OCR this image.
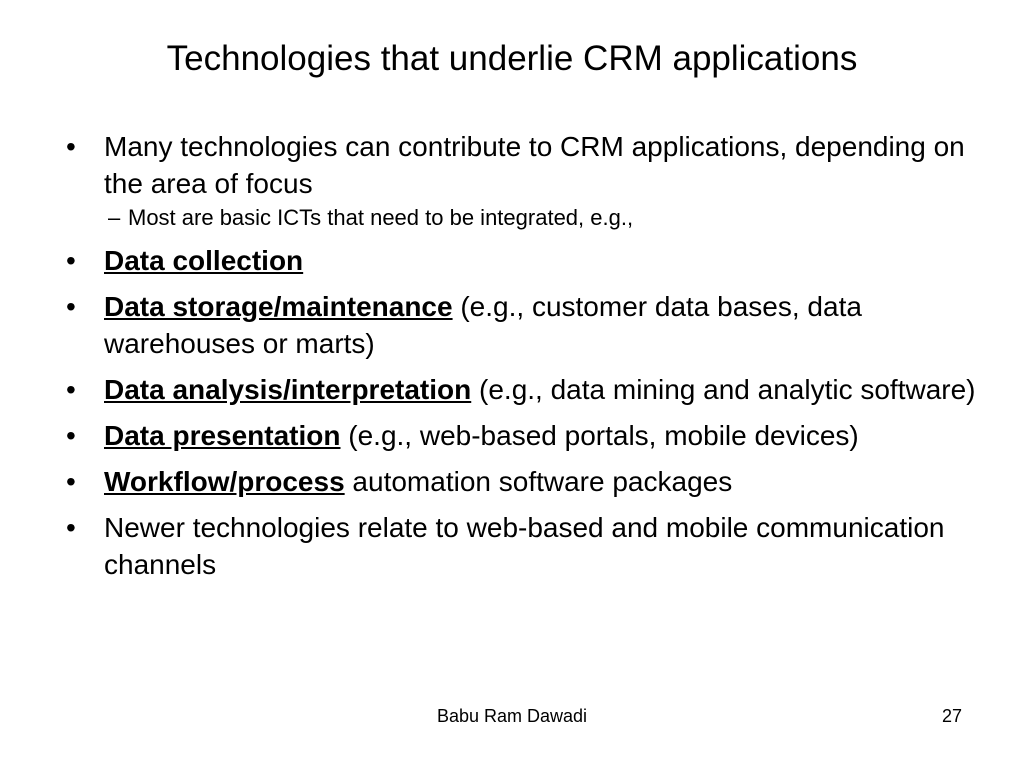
Technologies that underlie CRM applications
•	Many technologies can contribute to CRM applications, depending on the area of focus
– Most are basic ICTs that need to be integrated, e.g.,
•	Data collection
•	Data storage/maintenance (e.g., customer data bases, data warehouses or marts)
•	Data analysis/interpretation (e.g., data mining and analytic software)
•	Data presentation (e.g., web-based portals, mobile devices)
•	Workflow/process automation software packages
•	Newer technologies relate to web-based and mobile communication channels
Babu Ram Dawadi	27
